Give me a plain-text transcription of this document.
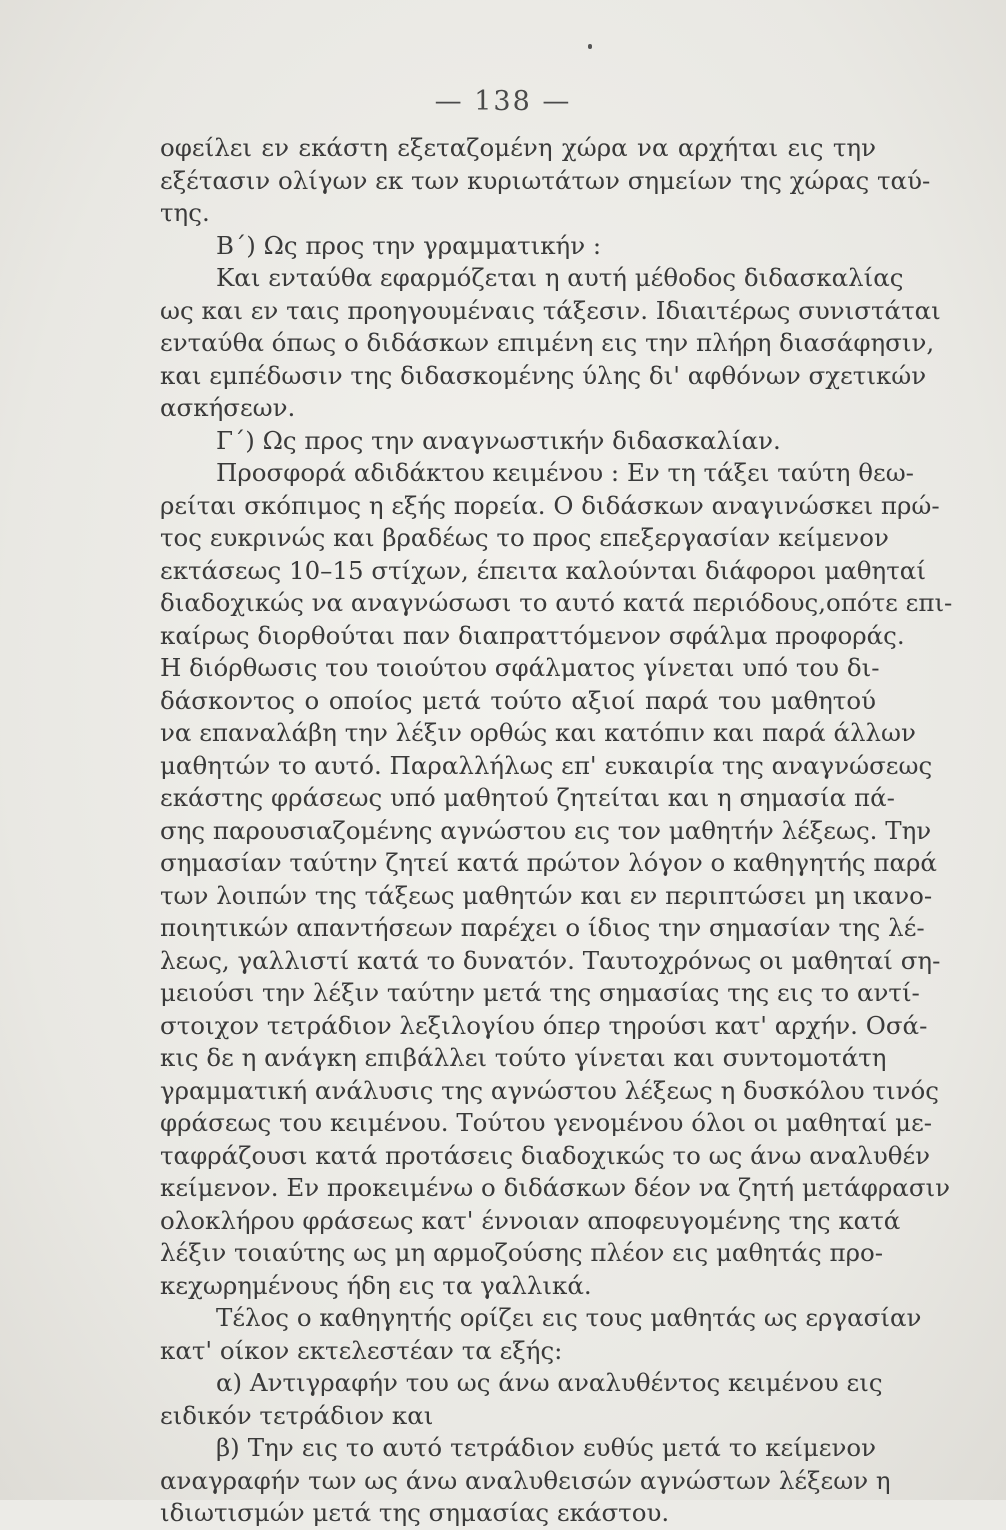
— 138 —
οφείλει εν εκάστη εξεταζομένη χώρα να αρχήται εις την
εξέτασιν ολίγων εκ των κυριωτάτων σημείων της χώρας ταύ-
της.
Β΄) Ως προς την γραμματικήν :
Και ενταύθα εφαρμόζεται η αυτή μέθοδος διδασκαλίας
ως και εν ταις προηγουμέναις τάξεσιν. Ιδιαιτέρως συνιστάται
ενταύθα όπως ο διδάσκων επιμένη εις την πλήρη διασάφησιν,
και εμπέδωσιν της διδασκομένης ύλης δι' αφθόνων σχετικών
ασκήσεων.
Γ΄) Ως προς την αναγνωστικήν διδασκαλίαν.
Προσφορά αδιδάκτου κειμένου : Εν τη τάξει ταύτη θεω-
ρείται σκόπιμος η εξής πορεία. Ο διδάσκων αναγινώσκει πρώ-
τος ευκρινώς και βραδέως το προς επεξεργασίαν κείμενον
εκτάσεως 10–15 στίχων, έπειτα καλούνται διάφοροι μαθηταί
διαδοχικώς να αναγνώσωσι το αυτό κατά περιόδους,οπότε επι-
καίρως διορθούται παν διαπραττόμενον σφάλμα προφοράς.
Η διόρθωσις του τοιούτου σφάλματος γίνεται υπό του δι-
δάσκοντος ο οποίος μετά τούτο αξιοί παρά του μαθητού
να επαναλάβη την λέξιν ορθώς και κατόπιν και παρά άλλων
μαθητών το αυτό. Παραλλήλως επ' ευκαιρία της αναγνώσεως
εκάστης φράσεως υπό μαθητού ζητείται και η σημασία πά-
σης παρουσιαζομένης αγνώστου εις τον μαθητήν λέξεως. Την
σημασίαν ταύτην ζητεί κατά πρώτον λόγον ο καθηγητής παρά
των λοιπών της τάξεως μαθητών και εν περιπτώσει μη ικανο-
ποιητικών απαντήσεων παρέχει ο ίδιος την σημασίαν της λέ-
λεως, γαλλιστί κατά το δυνατόν. Ταυτοχρόνως οι μαθηταί ση-
μειούσι την λέξιν ταύτην μετά της σημασίας της εις το αντί-
στοιχον τετράδιον λεξιλογίου όπερ τηρούσι κατ' αρχήν. Οσά-
κις δε η ανάγκη επιβάλλει τούτο γίνεται και συντομοτάτη
γραμματική ανάλυσις της αγνώστου λέξεως η δυσκόλου τινός
φράσεως του κειμένου. Τούτου γενομένου όλοι οι μαθηταί με-
ταφράζουσι κατά προτάσεις διαδοχικώς το ως άνω αναλυθέν
κείμενον. Εν προκειμένω ο διδάσκων δέον να ζητή μετάφρασιν
ολοκλήρου φράσεως κατ' έννοιαν αποφευγομένης της κατά
λέξιν τοιαύτης ως μη αρμοζούσης πλέον εις μαθητάς προ-
κεχωρημένους ήδη εις τα γαλλικά.
Τέλος ο καθηγητής ορίζει εις τους μαθητάς ως εργασίαν
κατ' οίκον εκτελεστέαν τα εξής:
α) Αντιγραφήν του ως άνω αναλυθέντος κειμένου εις
ειδικόν τετράδιον και
β) Την εις το αυτό τετράδιον ευθύς μετά το κείμενον
αναγραφήν των ως άνω αναλυθεισών αγνώστων λέξεων η
ιδιωτισμών μετά της σημασίας εκάστου.
